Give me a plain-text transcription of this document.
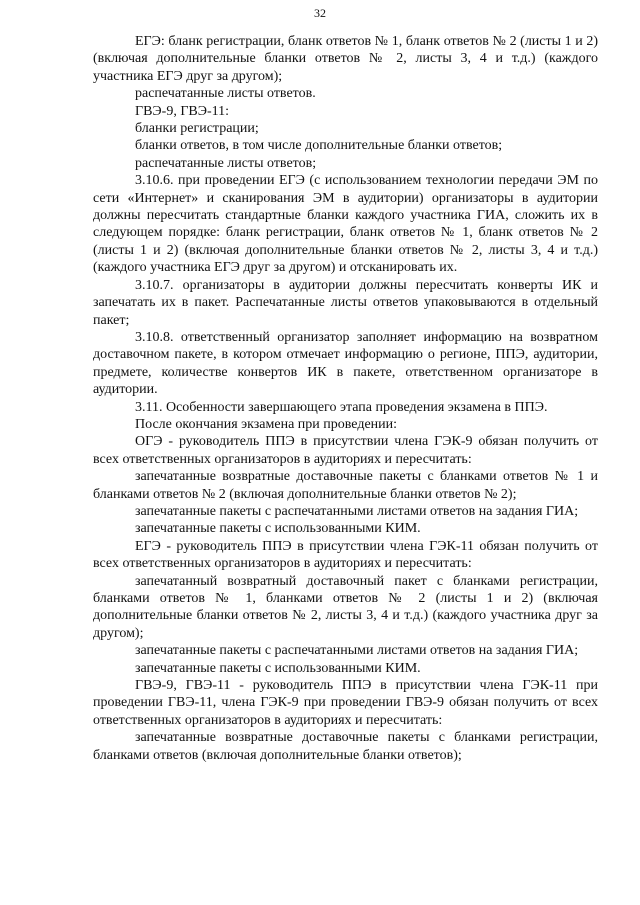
32

ЕГЭ: бланк регистрации, бланк ответов № 1, бланк ответов № 2 (листы 1 и 2) (включая дополнительные бланки ответов № 2, листы 3, 4 и т.д.) (каждого участника ЕГЭ друг за другом);

распечатанные листы ответов.

ГВЭ-9, ГВЭ-11:

бланки регистрации;

бланки ответов, в том числе дополнительные бланки ответов;

распечатанные листы ответов;

3.10.6. при проведении ЕГЭ (с использованием технологии передачи ЭМ по сети «Интернет» и сканирования ЭМ в аудитории) организаторы в аудитории должны пересчитать стандартные бланки каждого участника ГИА, сложить их в следующем порядке: бланк регистрации, бланк ответов № 1, бланк ответов № 2 (листы 1 и 2) (включая дополнительные бланки ответов № 2, листы 3, 4 и т.д.) (каждого участника ЕГЭ друг за другом) и отсканировать их.

3.10.7. организаторы в аудитории должны пересчитать конверты ИК и запечатать их в пакет. Распечатанные листы ответов упаковываются в отдельный пакет;

3.10.8. ответственный организатор заполняет информацию на возвратном доставочном пакете, в котором отмечает информацию о регионе, ППЭ, аудитории, предмете, количестве конвертов ИК в пакете, ответственном организаторе в аудитории.

3.11. Особенности завершающего этапа проведения экзамена в ППЭ.

После окончания экзамена при проведении:

ОГЭ - руководитель ППЭ в присутствии члена ГЭК-9 обязан получить от всех ответственных организаторов в аудиториях и пересчитать:

запечатанные возвратные доставочные пакеты с бланками ответов № 1 и бланками ответов № 2 (включая дополнительные бланки ответов № 2);

запечатанные пакеты с распечатанными листами ответов на задания ГИА;

запечатанные пакеты с использованными КИМ.

ЕГЭ - руководитель ППЭ в присутствии члена ГЭК-11 обязан получить от всех ответственных организаторов в аудиториях и пересчитать:

запечатанный возвратный доставочный пакет с бланками регистрации, бланками ответов № 1, бланками ответов № 2 (листы 1 и 2) (включая дополнительные бланки ответов № 2, листы 3, 4 и т.д.) (каждого участника друг за другом);

запечатанные пакеты с распечатанными листами ответов на задания ГИА;

запечатанные пакеты с использованными КИМ.

ГВЭ-9, ГВЭ-11 - руководитель ППЭ в присутствии члена ГЭК-11 при проведении ГВЭ-11, члена ГЭК-9 при проведении ГВЭ-9 обязан получить от всех ответственных организаторов в аудиториях и пересчитать:

запечатанные возвратные доставочные пакеты с бланками регистрации, бланками ответов (включая дополнительные бланки ответов);
